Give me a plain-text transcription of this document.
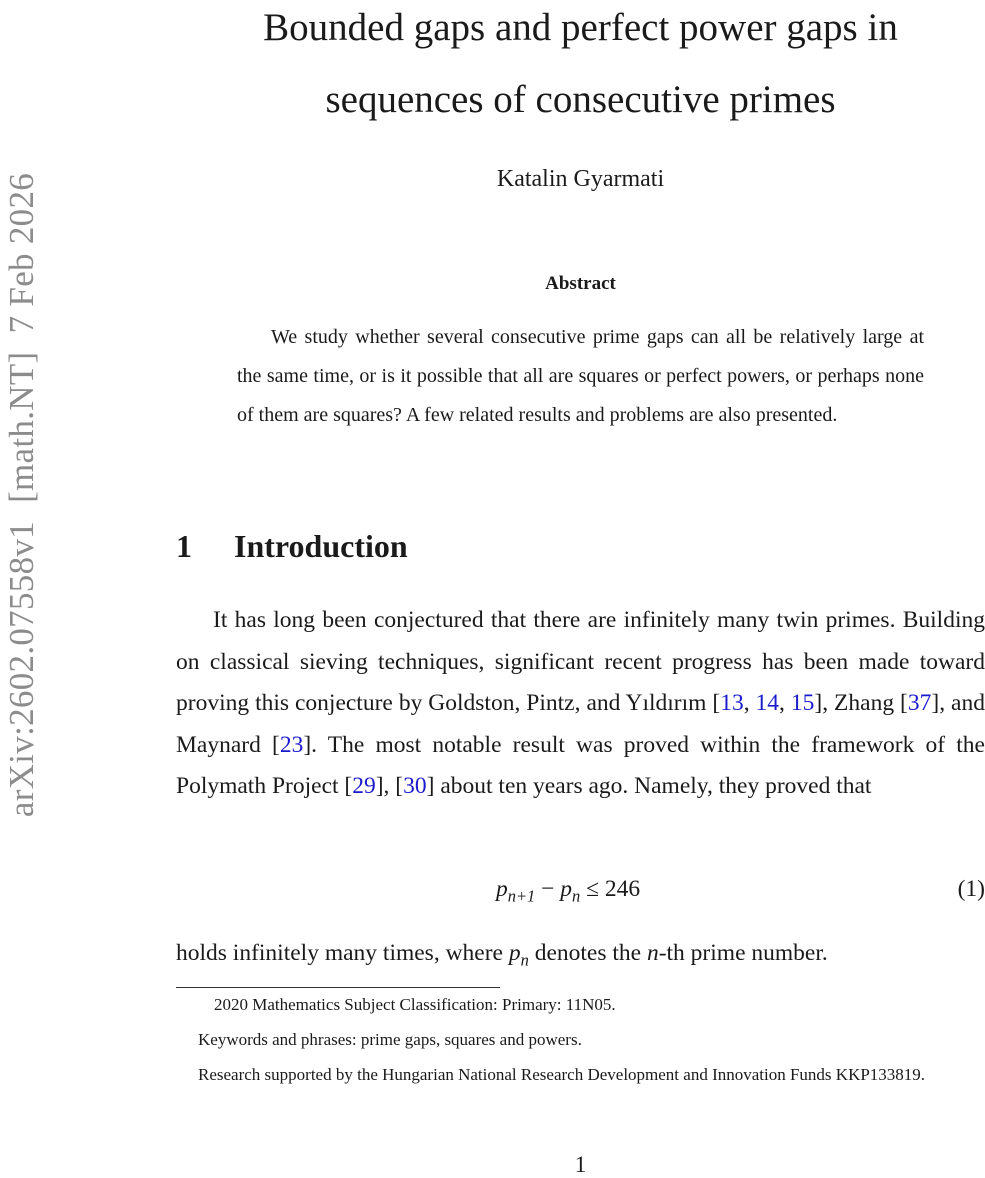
arXiv:2602.07558v1  [math.NT]  7 Feb 2026
Bounded gaps and perfect power gaps in
sequences of consecutive primes
Katalin Gyarmati
Abstract

We study whether several consecutive prime gaps can all be relatively large at the same time, or is it possible that all are squares or perfect powers, or perhaps none of them are squares? A few related results and problems are also presented.

1 Introduction

It has long been conjectured that there are infinitely many twin primes. Building on classical sieving techniques, significant recent progress has been made toward proving this conjecture by Goldston, Pintz, and Yıldırım [13, 14, 15], Zhang [37], and Maynard [23]. The most notable result was proved within the framework of the Polymath Project [29], [30] about ten years ago. Namely, they proved that

$p_{n+1} - p_n \le 246$	(1)
holds infinitely many times, where $p_n$ denotes the n-th prime number.
2020 Mathematics Subject Classification: Primary: 11N05.
Keywords and phrases: prime gaps, squares and powers.
Research supported by the Hungarian National Research Development and Innovation Funds KKP133819.
1
